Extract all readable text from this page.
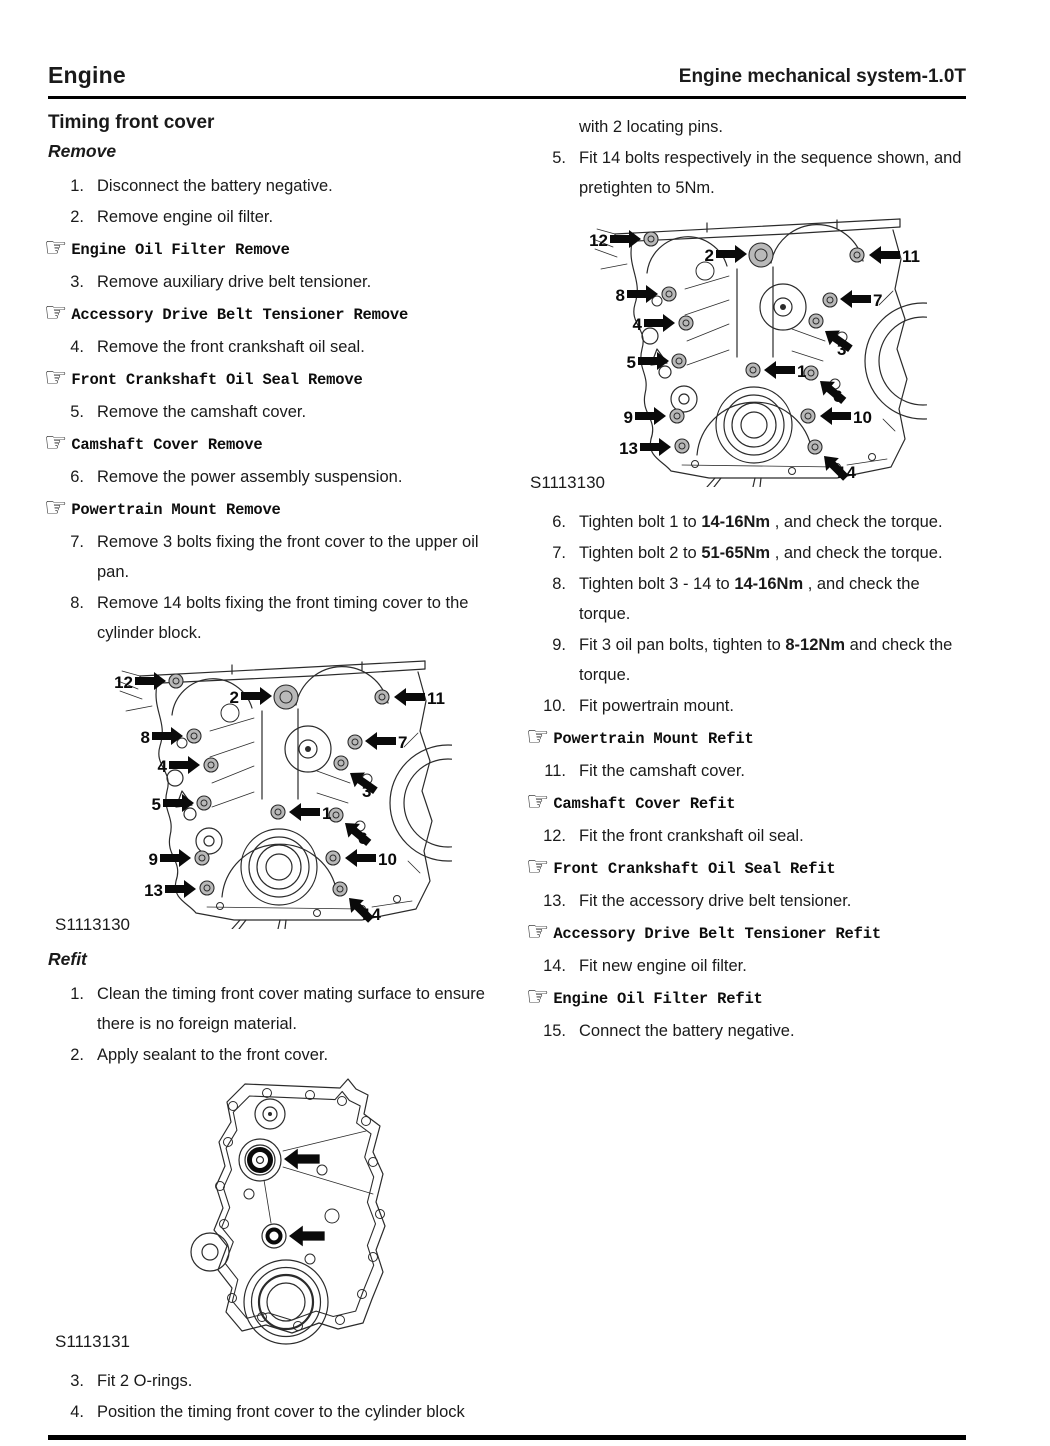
Engine	Engine mechanical system-1.0T
Timing front cover
Remove
1. Disconnect the battery negative.
2. Remove engine oil filter.
☞ Engine Oil Filter Remove
3. Remove auxiliary drive belt tensioner.
☞ Accessory Drive Belt Tensioner Remove
4. Remove the front crankshaft oil seal.
☞ Front Crankshaft Oil Seal Remove
5. Remove the camshaft cover.
☞ Camshaft Cover Remove
6. Remove the power assembly suspension.
☞ Powertrain Mount Remove
7. Remove 3 bolts fixing the front cover to the upper oil pan.
8. Remove 14 bolts fixing the front timing cover to the cylinder block.
12
2	11
8	7
4
3
5	1
6
9	10
13
14
S1113130
Refit
1. Clean the timing front cover mating surface to ensure there is no foreign material.
2. Apply sealant to the front cover.
S1113131
3. Fit 2 O-rings.
4. Position the timing front cover to the cylinder block
with 2 locating pins.
5. Fit 14 bolts respectively in the sequence shown, and pretighten to 5Nm.
12
2	11
8	7
4
3
5	1
6
9	10
13
14
S1113130
6. Tighten bolt 1 to 14-16Nm , and check the torque.
7. Tighten bolt 2 to 51-65Nm , and check the torque.
8. Tighten bolt 3 - 14 to 14-16Nm , and check the torque.
9. Fit 3 oil pan bolts, tighten to 8-12Nm and check the torque.
10. Fit powertrain mount.
☞ Powertrain Mount Refit
11. Fit the camshaft cover.
☞ Camshaft Cover Refit
12. Fit the front crankshaft oil seal.
☞ Front Crankshaft Oil Seal Refit
13. Fit the accessory drive belt tensioner.
☞ Accessory Drive Belt Tensioner Refit
14. Fit new engine oil filter.
☞ Engine Oil Filter Refit
15. Connect the battery negative.
